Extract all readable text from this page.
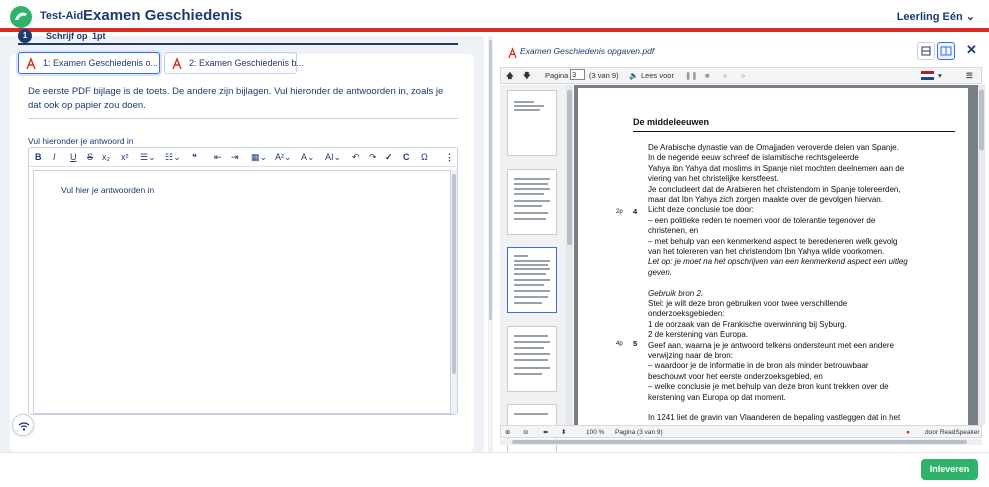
Test-Aid:
Examen Geschiedenis	Leerling Eén ⌄
1	Schrijf op 1pt
1: Examen Geschiedenis o...	2: Examen Geschiedenis b...
De eerste PDF bijlage is de toets. De andere zijn bijlagen. Vul hieronder de antwoorden in, zoals je dat ook op papier zou doen.
Vul hieronder je antwoord in
B I U S x₂ x² ☰⌄ ☷⌄ ❝ ⇤ ⇥ ▦⌄ A²⌄ A⌄ AI⌄ ↶ ↷ ✓ C Ω ⋮
Vul hier je antwoorden in
Examen Geschiedenis opgaven.pdf	✕
🡅 🡇 Pagina 3	(3 van 9) 🔈 Lees voor ❚❚ ■ « »	▾	☰
De middeleeuwen
2p 4
4p 5
De Arabische dynastie van de Omajjaden veroverde delen van Spanje.
In de negende eeuw schreef de islamitische rechtsgeleerde
Yahya ibn Yahya dat moslims in Spanje niet mochten deelnemen aan de
viering van het christelijke kerstfeest.
Je concludeert dat de Arabieren het christendom in Spanje tolereerden,
maar dat Ibn Yahya zich zorgen maakte over de gevolgen hiervan.
Licht deze conclusie toe door:
– een politieke reden te noemen voor de tolerantie tegenover de
christenen, en
– met behulp van een kenmerkend aspect te beredeneren welk gevolg
van het tolereren van het christendom Ibn Yahya wilde voorkomen.
Let op: je moet na het opschrijven van een kenmerkend aspect een uitleg
geven.
Gebruik bron 2.
Stel: je wilt deze bron gebruiken voor twee verschillende
onderzoeksgebieden:
1 de oorzaak van de Frankische overwinning bij Syburg.
2 de kerstening van Europa.
Geef aan, waarna je je antwoord telkens ondersteunt met een andere
verwijzing naar de bron:
– waardoor je de informatie in de bron als minder betrouwbaar
beschouwt voor het eerste onderzoeksgebied, en
– welke conclusie je met behulp van deze bron kunt trekken over de
kerstening van Europa op dat moment.
In 1241 liet de gravin van Vlaanderen de bepaling vastleggen dat in het
⊕ ⊖ ⬌ ⬍	100 % Pagina (3 van 9)	● door ReadSpeaker
Inleveren
